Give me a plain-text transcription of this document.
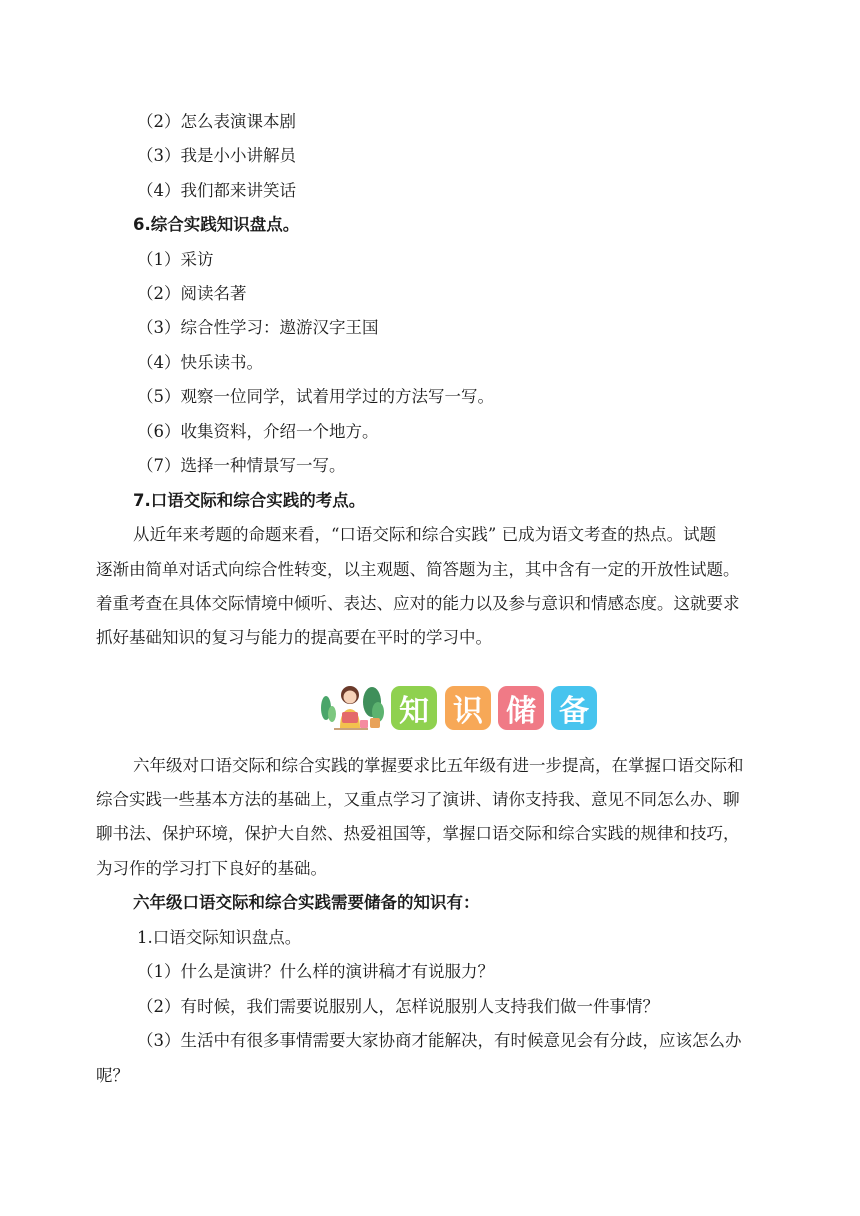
（2）怎么表演课本剧
（3）我是小小讲解员
（4）我们都来讲笑话
6.综合实践知识盘点。
（1）采访
（2）阅读名著
（3）综合性学习：遨游汉字王国
（4）快乐读书。
（5）观察一位同学，试着用学过的方法写一写。
（6）收集资料，介绍一个地方。
（7）选择一种情景写一写。
7.口语交际和综合实践的考点。
从近年来考题的命题来看，“口语交际和综合实践” 已成为语文考查的热点。试题
逐渐由简单对话式向综合性转变，以主观题、简答题为主，其中含有一定的开放性试题。
着重考查在具体交际情境中倾听、表达、应对的能力以及参与意识和情感态度。这就要求
抓好基础知识的复习与能力的提高要在平时的学习中。
知 识 储 备
六年级对口语交际和综合实践的掌握要求比五年级有进一步提高，在掌握口语交际和
综合实践一些基本方法的基础上，又重点学习了演讲、请你支持我、意见不同怎么办、聊
聊书法、保护环境，保护大自然、热爱祖国等，掌握口语交际和综合实践的规律和技巧，
为习作的学习打下良好的基础。
六年级口语交际和综合实践需要储备的知识有：
1.口语交际知识盘点。
（1）什么是演讲？什么样的演讲稿才有说服力？
（2）有时候，我们需要说服别人，怎样说服别人支持我们做一件事情？
（3）生活中有很多事情需要大家协商才能解决，有时候意见会有分歧，应该怎么办
呢？
